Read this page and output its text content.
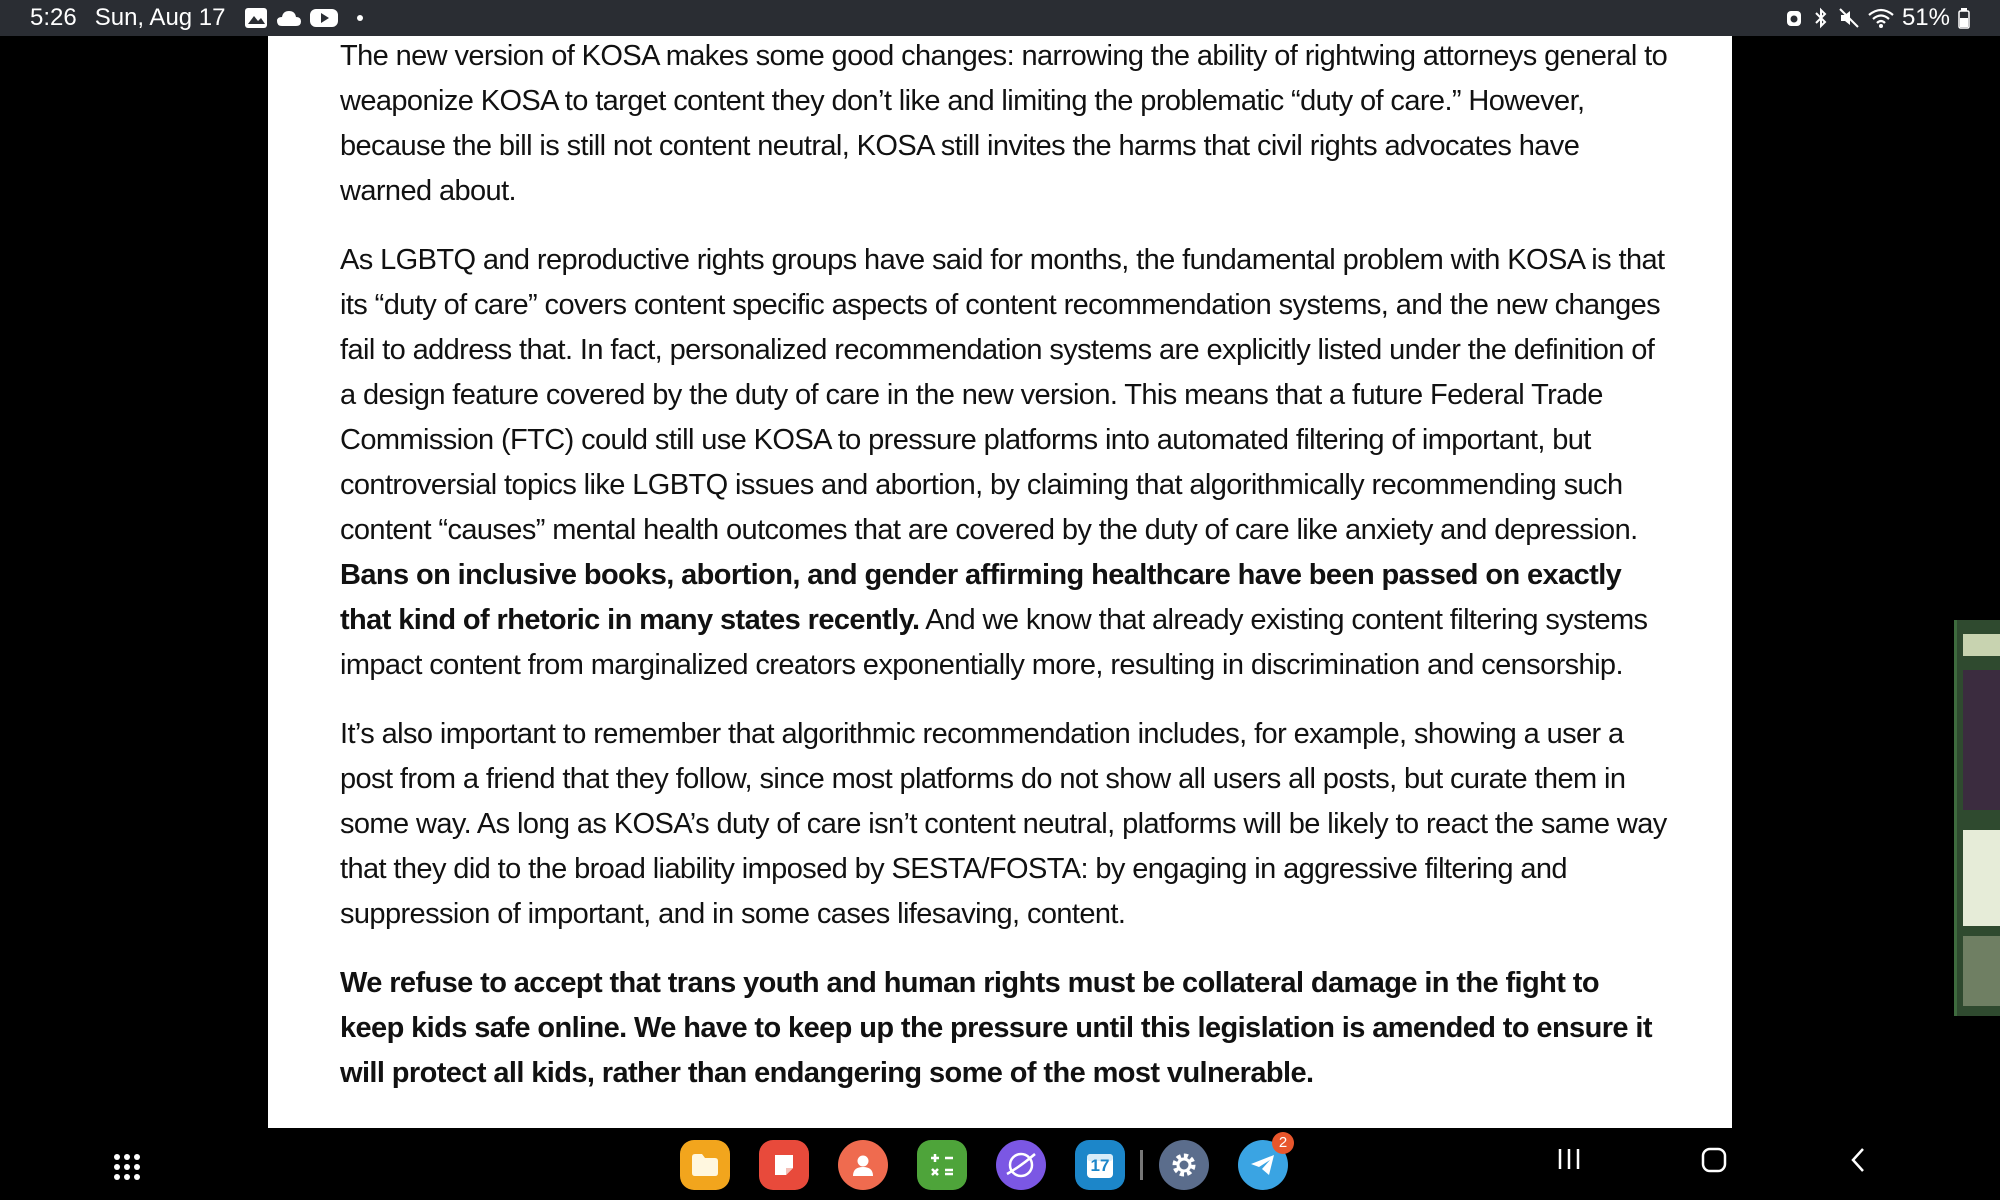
5:26 Sun, Aug 17	51%

The new version of KOSA makes some good changes: narrowing the ability of rightwing attorneys general to weaponize KOSA to target content they don’t like and limiting the problematic “duty of care.” However, because the bill is still not content neutral, KOSA still invites the harms that civil rights advocates have warned about.

As LGBTQ and reproductive rights groups have said for months, the fundamental problem with KOSA is that its “duty of care” covers content specific aspects of content recommendation systems, and the new changes fail to address that. In fact, personalized recommendation systems are explicitly listed under the definition of a design feature covered by the duty of care in the new version. This means that a future Federal Trade Commission (FTC) could still use KOSA to pressure platforms into automated filtering of important, but controversial topics like LGBTQ issues and abortion, by claiming that algorithmically recommending such content “causes” mental health outcomes that are covered by the duty of care like anxiety and depression. Bans on inclusive books, abortion, and gender affirming healthcare have been passed on exactly that kind of rhetoric in many states recently. And we know that already existing content filtering systems impact content from marginalized creators exponentially more, resulting in discrimination and censorship.

It’s also important to remember that algorithmic recommendation includes, for example, showing a user a post from a friend that they follow, since most platforms do not show all users all posts, but curate them in some way. As long as KOSA’s duty of care isn’t content neutral, platforms will be likely to react the same way that they did to the broad liability imposed by SESTA/FOSTA: by engaging in aggressive filtering and suppression of important, and in some cases lifesaving, content.

We refuse to accept that trans youth and human rights must be collateral damage in the fight to keep kids safe online. We have to keep up the pressure until this legislation is amended to ensure it will protect all kids, rather than endangering some of the most vulnerable.

17
2
